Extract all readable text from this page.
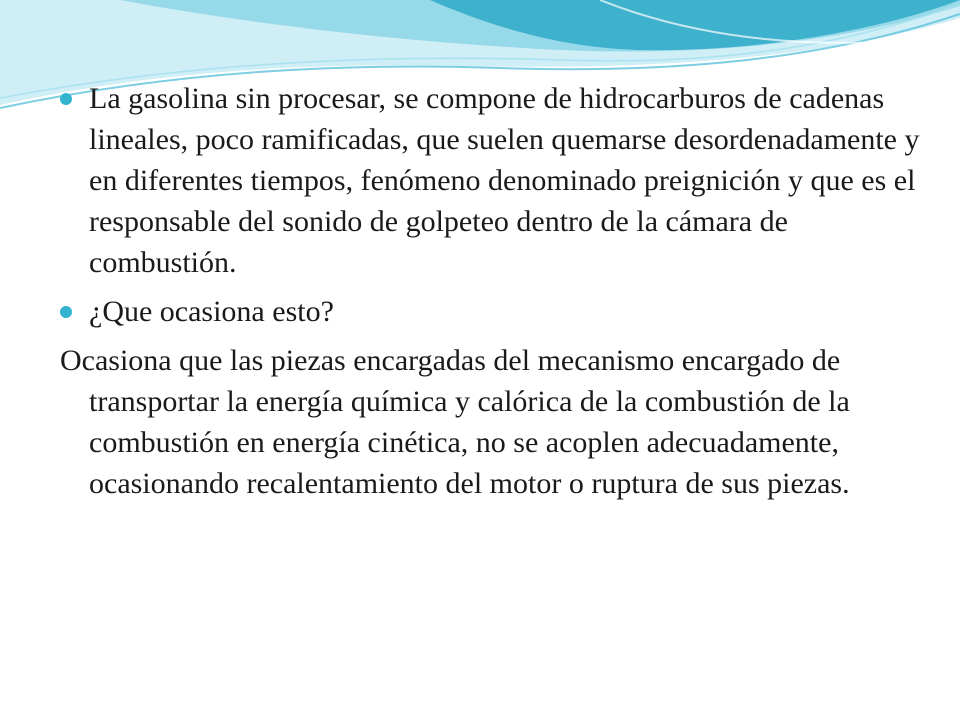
La gasolina sin procesar, se compone de hidrocarburos de cadenas lineales, poco ramificadas, que suelen quemarse desordenadamente y en diferentes tiempos, fenómeno denominado preignición y que es el responsable del sonido de golpeteo dentro de la cámara de combustión.

¿Que ocasiona esto?

Ocasiona que las piezas encargadas del mecanismo encargado de transportar la energía química y calórica de la combustión de la combustión en energía cinética, no se acoplen adecuadamente, ocasionando recalentamiento del motor o ruptura de sus piezas.
